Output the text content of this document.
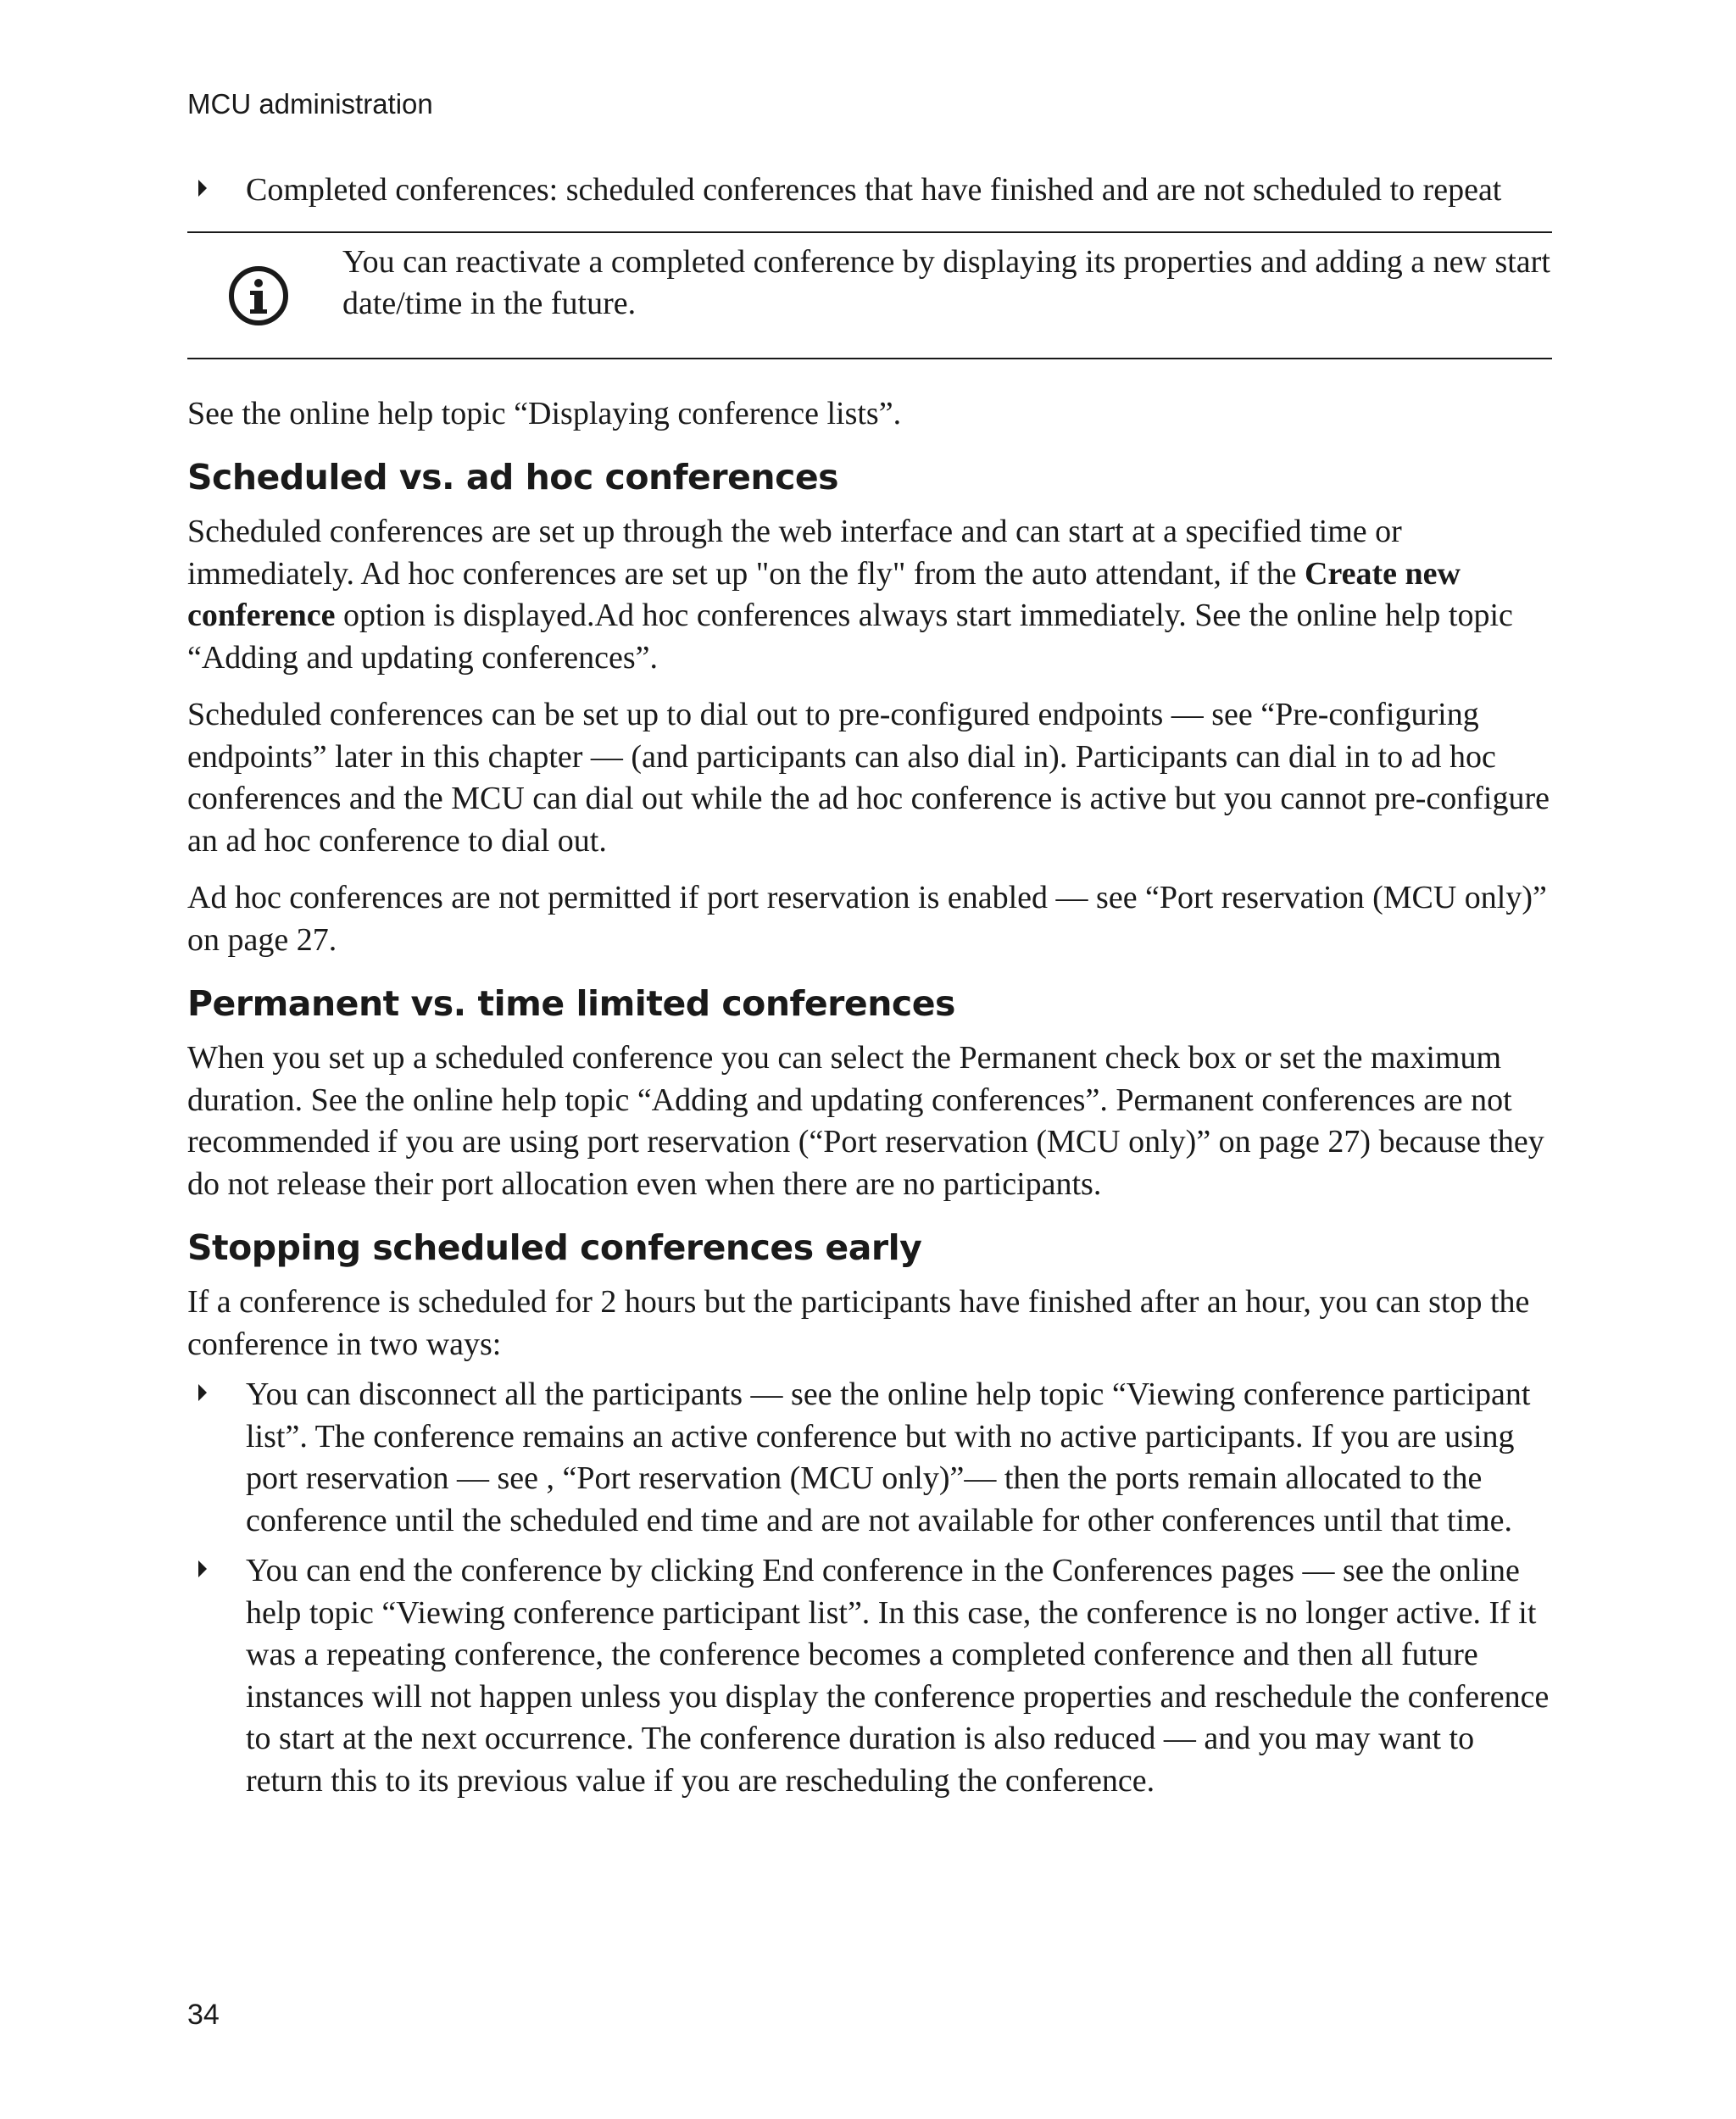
MCU administration
Completed conferences: scheduled conferences that have finished and are not scheduled to repeat

You can reactivate a completed conference by displaying its properties and adding a new start date/time in the future.

See the online help topic “Displaying conference lists”.

Scheduled vs. ad hoc conferences

Scheduled conferences are set up through the web interface and can start at a specified time or immediately. Ad hoc conferences are set up "on the fly" from the auto attendant, if the Create new conference option is displayed.Ad hoc conferences always start immediately. See the online help topic “Adding and updating conferences”.

Scheduled conferences can be set up to dial out to pre-configured endpoints — see “Pre-configuring endpoints” later in this chapter — (and participants can also dial in). Participants can dial in to ad hoc conferences and the MCU can dial out while the ad hoc conference is active but you cannot pre-configure an ad hoc conference to dial out.

Ad hoc conferences are not permitted if port reservation is enabled — see “Port reservation (MCU only)” on page 27.

Permanent vs. time limited conferences

When you set up a scheduled conference you can select the Permanent check box or set the maximum duration. See the online help topic “Adding and updating conferences”. Permanent conferences are not recommended if you are using port reservation (“Port reservation (MCU only)” on page 27) because they do not release their port allocation even when there are no participants.

Stopping scheduled conferences early

If a conference is scheduled for 2 hours but the participants have finished after an hour, you can stop the conference in two ways:

You can disconnect all the participants — see the online help topic “Viewing conference participant list”. The conference remains an active conference but with no active participants. If you are using port reservation — see , “Port reservation (MCU only)”— then the ports remain allocated to the conference until the scheduled end time and are not available for other conferences until that time.
You can end the conference by clicking End conference in the Conferences pages — see the online help topic “Viewing conference participant list”. In this case, the conference is no longer active. If it was a repeating conference, the conference becomes a completed conference and then all future instances will not happen unless you display the conference properties and reschedule the conference to start at the next occurrence. The conference duration is also reduced — and you may want to return this to its previous value if you are rescheduling the conference.
34
